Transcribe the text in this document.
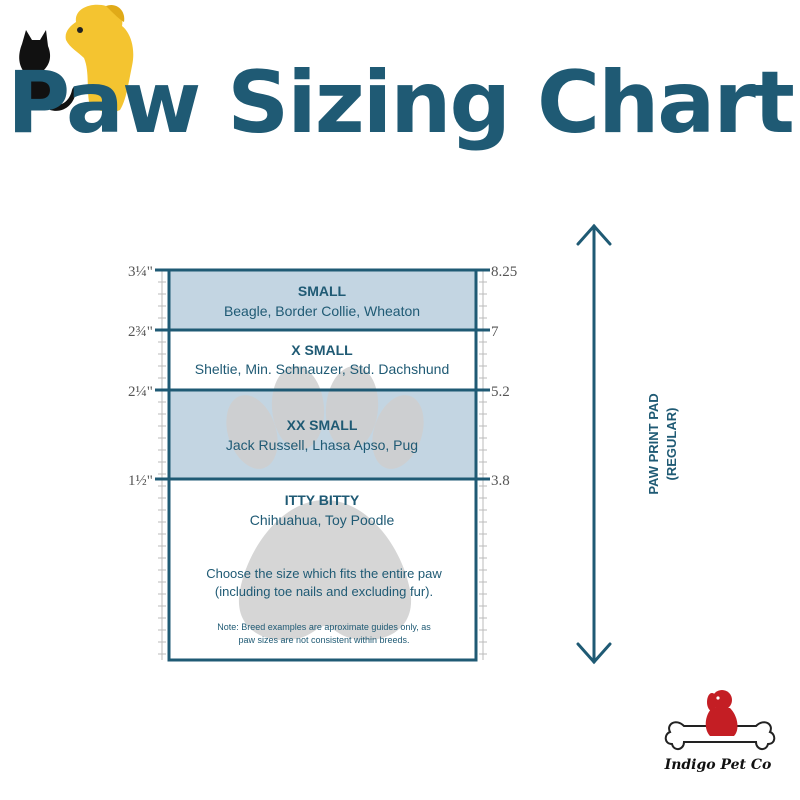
Paw Sizing Chart
3¼"
2¾"
2¼"
1½"
8.25
7
5.2
3.8
SMALL
Beagle, Border Collie, Wheaton
X SMALL
Sheltie, Min. Schnauzer, Std. Dachshund
XX SMALL
Jack Russell, Lhasa Apso, Pug
ITTY BITTY
Chihuahua, Toy Poodle
Choose the size which fits the entire paw
(including toe nails and excluding fur).
Note: Breed examples are aproximate guides only, as
paw sizes are not consistent within breeds.
PAW PRINT PAD (REGULAR)
Indigo Pet Co
